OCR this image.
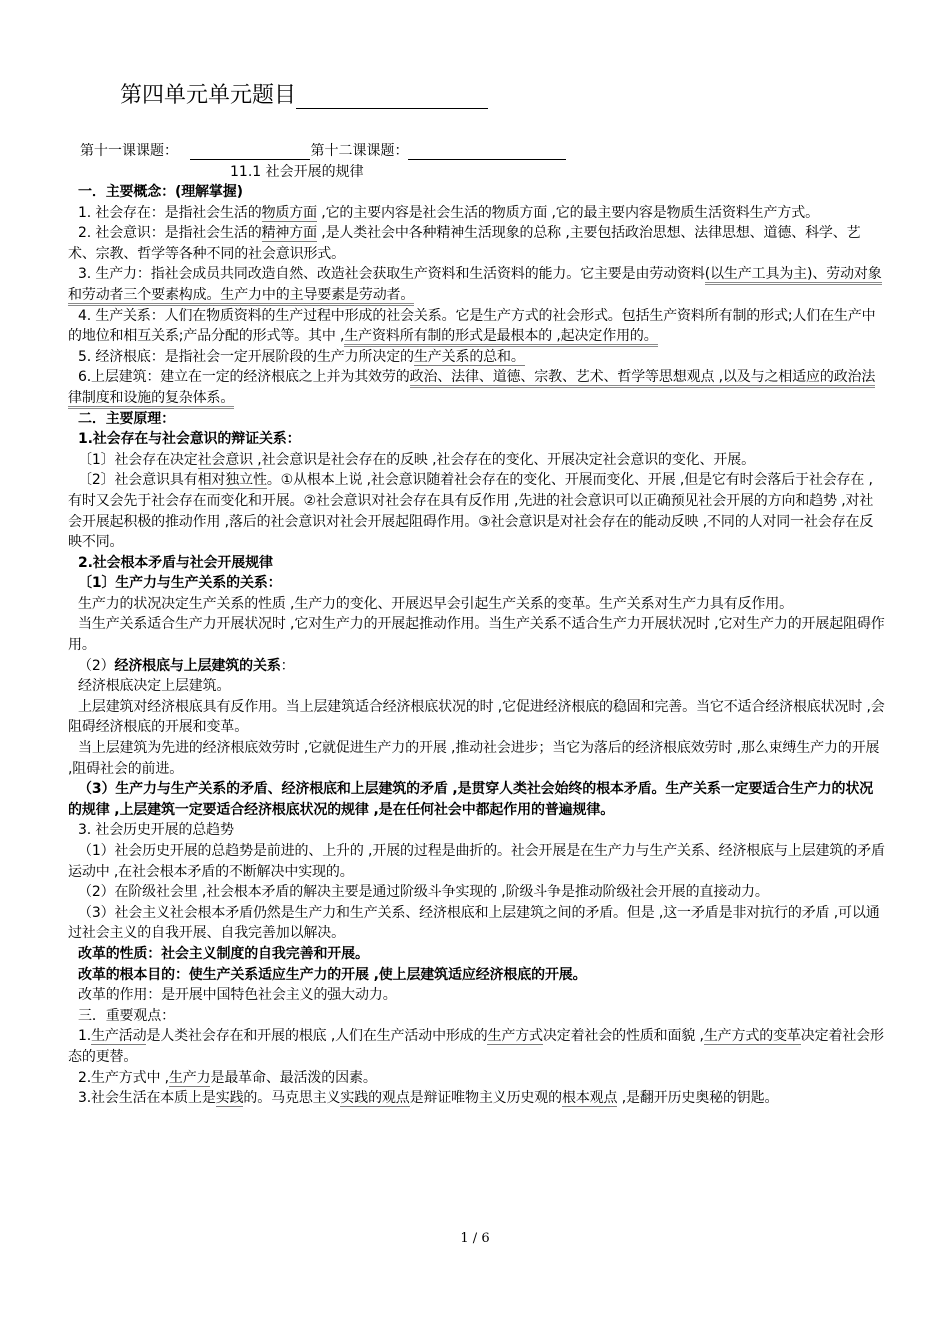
第四单元单元题目
第十一课课题：	第十二课课题：
11.1 社会开展的规律

一．主要概念：(理解掌握)

1. 社会存在：是指社会生活的物质方面 ,它的主要内容是社会生活的物质方面 ,它的最主要内容是物质生活资料生产方式。

2. 社会意识：是指社会生活的精神方面 ,是人类社会中各种精神生活现象的总称 ,主要包括政治思想、法律思想、道德、科学、艺术、宗教、哲学等各种不同的社会意识形式。

3. 生产力：指社会成员共同改造自然、改造社会获取生产资料和生活资料的能力。它主要是由劳动资料(以生产工具为主)、劳动对象和劳动者三个要素构成。生产力中的主导要素是劳动者。

4. 生产关系：人们在物质资料的生产过程中形成的社会关系。它是生产方式的社会形式。包括生产资料所有制的形式;人们在生产中的地位和相互关系;产品分配的形式等。其中 ,生产资料所有制的形式是最根本的 ,起决定作用的。

5. 经济根底：是指社会一定开展阶段的生产力所决定的生产关系的总和。

6.上层建筑：建立在一定的经济根底之上并为其效劳的政治、法律、道德、宗教、艺术、哲学等思想观点 ,以及与之相适应的政治法律制度和设施的复杂体系。

二．主要原理：

1.社会存在与社会意识的辩证关系：

〔1〕社会存在决定社会意识 ,社会意识是社会存在的反映 ,社会存在的变化、开展决定社会意识的变化、开展。

〔2〕社会意识具有相对独立性。①从根本上说 ,社会意识随着社会存在的变化、开展而变化、开展 ,但是它有时会落后于社会存在 ,有时又会先于社会存在而变化和开展。②社会意识对社会存在具有反作用 ,先进的社会意识可以正确预见社会开展的方向和趋势 ,对社会开展起积极的推动作用 ,落后的社会意识对社会开展起阻碍作用。③社会意识是对社会存在的能动反映 ,不同的人对同一社会存在反映不同。

2.社会根本矛盾与社会开展规律

〔1〕生产力与生产关系的关系：

生产力的状况决定生产关系的性质 ,生产力的变化、开展迟早会引起生产关系的变革。生产关系对生产力具有反作用。

当生产关系适合生产力开展状况时 ,它对生产力的开展起推动作用。当生产关系不适合生产力开展状况时 ,它对生产力的开展起阻碍作用。

（2）经济根底与上层建筑的关系：

经济根底决定上层建筑。

上层建筑对经济根底具有反作用。当上层建筑适合经济根底状况的时 ,它促进经济根底的稳固和完善。当它不适合经济根底状况时 ,会阻碍经济根底的开展和变革。

当上层建筑为先进的经济根底效劳时 ,它就促进生产力的开展 ,推动社会进步；当它为落后的经济根底效劳时 ,那么束缚生产力的开展 ,阻碍社会的前进。

（3）生产力与生产关系的矛盾、经济根底和上层建筑的矛盾 ,是贯穿人类社会始终的根本矛盾。生产关系一定要适合生产力的状况的规律 ,上层建筑一定要适合经济根底状况的规律 ,是在任何社会中都起作用的普遍规律。

3. 社会历史开展的总趋势

（1）社会历史开展的总趋势是前进的、上升的 ,开展的过程是曲折的。社会开展是在生产力与生产关系、经济根底与上层建筑的矛盾运动中 ,在社会根本矛盾的不断解决中实现的。

（2）在阶级社会里 ,社会根本矛盾的解决主要是通过阶级斗争实现的 ,阶级斗争是推动阶级社会开展的直接动力。

（3）社会主义社会根本矛盾仍然是生产力和生产关系、经济根底和上层建筑之间的矛盾。但是 ,这一矛盾是非对抗行的矛盾 ,可以通过社会主义的自我开展、自我完善加以解决。

改革的性质：社会主义制度的自我完善和开展。

改革的根本目的：使生产关系适应生产力的开展 ,使上层建筑适应经济根底的开展。

改革的作用：是开展中国特色社会主义的强大动力。

三．重要观点：

1.生产活动是人类社会存在和开展的根底 ,人们在生产活动中形成的生产方式决定着社会的性质和面貌 ,生产方式的变革决定着社会形态的更替。

2.生产方式中 ,生产力是最革命、最活泼的因素。

3.社会生活在本质上是实践的。马克思主义实践的观点是辩证唯物主义历史观的根本观点 ,是翻开历史奥秘的钥匙。

1 / 6
